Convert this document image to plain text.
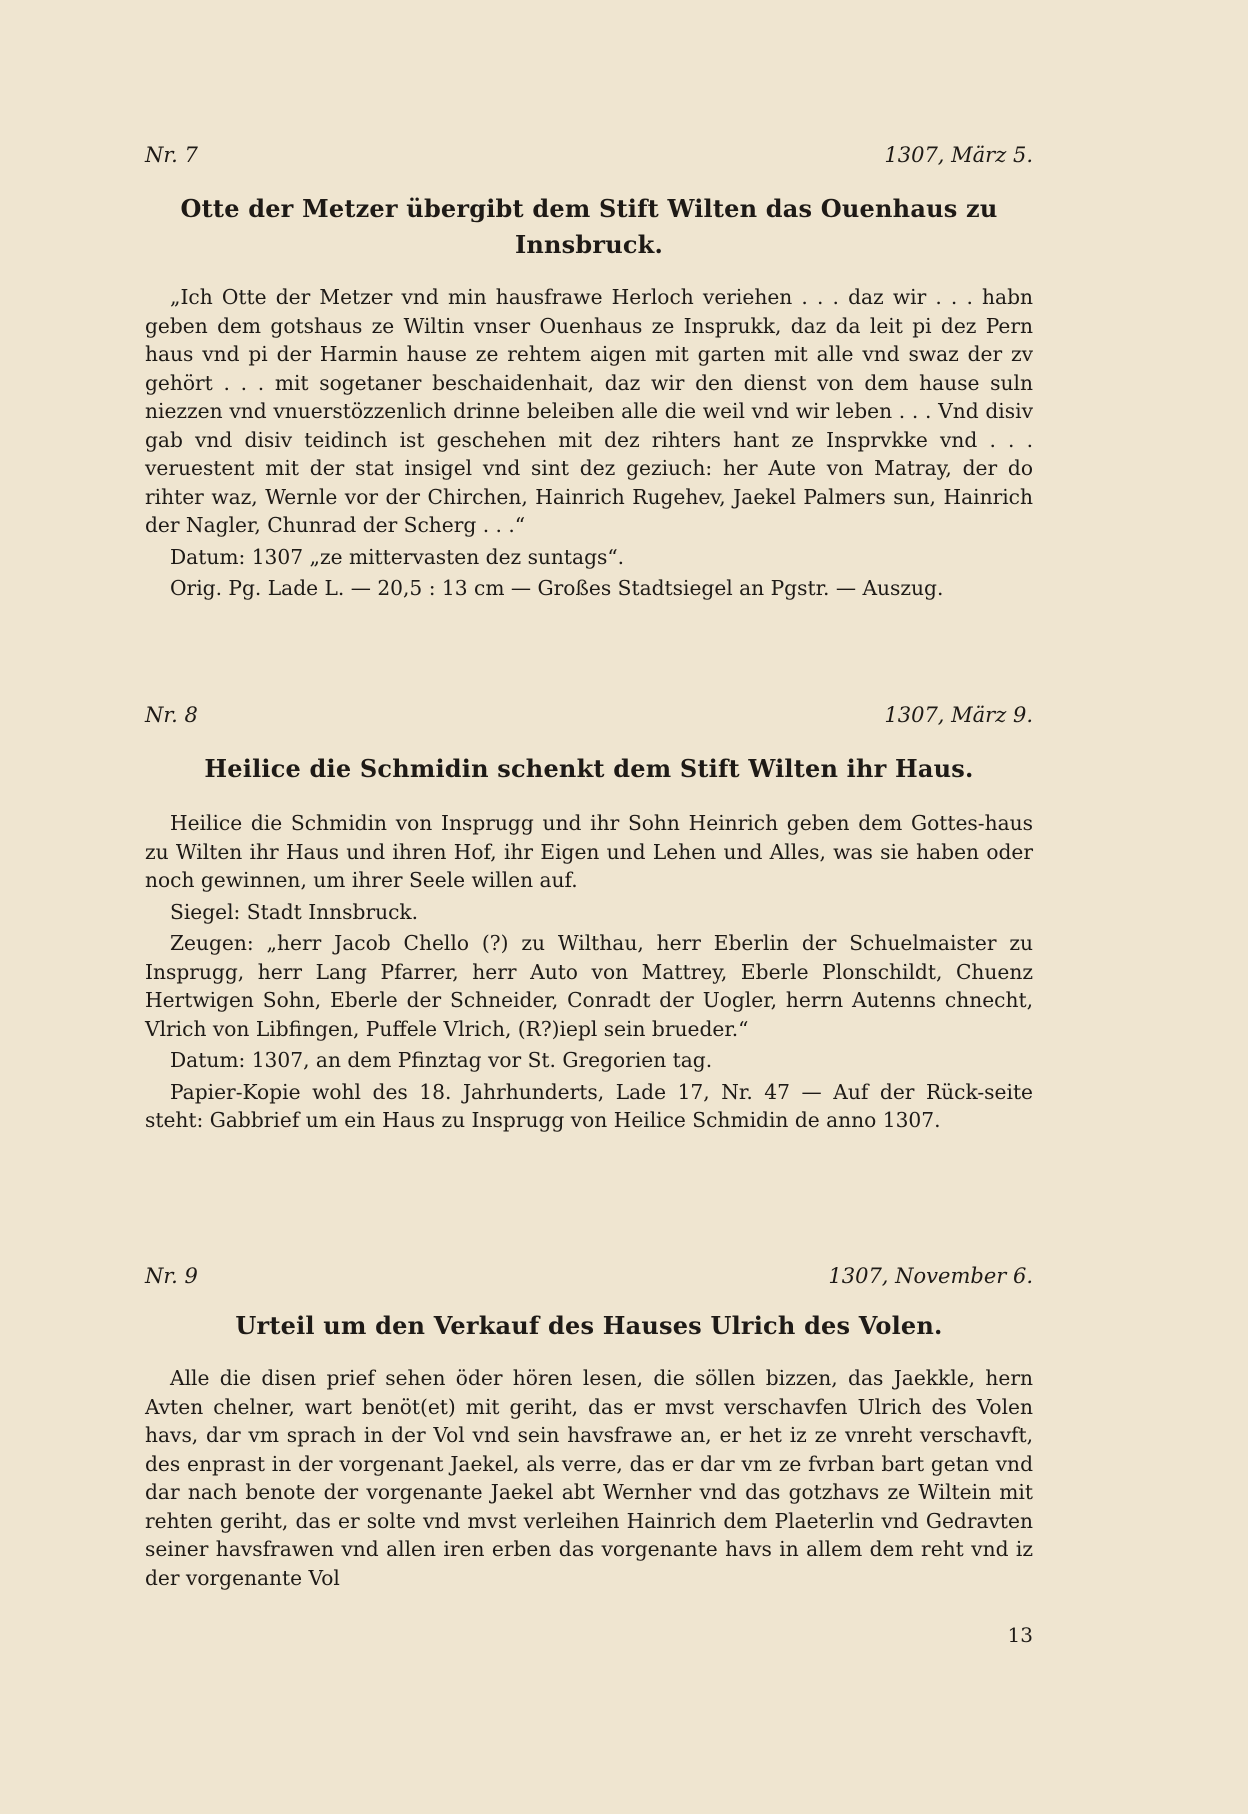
Nr. 7	1307, März 5.
Otte der Metzer übergibt dem Stift Wilten das Ouenhaus zu Innsbruck.

„Ich Otte der Metzer vnd min hausfrawe Herloch veriehen . . . daz wir . . . habn geben dem gotshaus ze Wiltin vnser Ouenhaus ze Insprukk, daz da leit pi dez Pern haus vnd pi der Harmin hause ze rehtem aigen mit garten mit alle vnd swaz der zv gehört . . . mit sogetaner beschaidenhait, daz wir den dienst von dem hause suln niezzen vnd vnuerstözzenlich drinne beleiben alle die weil vnd wir leben . . . Vnd disiv gab vnd disiv teidinch ist geschehen mit dez rihters hant ze Insprvkke vnd . . . veruestent mit der stat insigel vnd sint dez geziuch: her Aute von Matray, der do rihter waz, Wernle vor der Chirchen, Hainrich Rugehev, Jaekel Palmers sun, Hainrich der Nagler, Chunrad der Scherg . . .“

Datum: 1307 „ze mittervasten dez suntags“.

Orig. Pg. Lade L. — 20,5 : 13 cm — Großes Stadtsiegel an Pgstr. — Auszug.

Nr. 8	1307, März 9.
Heilice die Schmidin schenkt dem Stift Wilten ihr Haus.

Heilice die Schmidin von Insprugg und ihr Sohn Heinrich geben dem Gottes-haus zu Wilten ihr Haus und ihren Hof, ihr Eigen und Lehen und Alles, was sie haben oder noch gewinnen, um ihrer Seele willen auf.

Siegel: Stadt Innsbruck.

Zeugen: „herr Jacob Chello (?) zu Wilthau, herr Eberlin der Schuelmaister zu Insprugg, herr Lang Pfarrer, herr Auto von Mattrey, Eberle Plonschildt, Chuenz Hertwigen Sohn, Eberle der Schneider, Conradt der Uogler, herrn Autenns chnecht, Vlrich von Libfingen, Puffele Vlrich, (R?)iepl sein brueder.“

Datum: 1307, an dem Pfinztag vor St. Gregorien tag.

Papier-Kopie wohl des 18. Jahrhunderts, Lade 17, Nr. 47 — Auf der Rück-seite steht: Gabbrief um ein Haus zu Insprugg von Heilice Schmidin de anno 1307.

Nr. 9	1307, November 6.
Urteil um den Verkauf des Hauses Ulrich des Volen.

Alle die disen prief sehen öder hören lesen, die söllen bizzen, das Jaekkle, hern Avten chelner, wart benöt(et) mit geriht, das er mvst verschavfen Ulrich des Volen havs, dar vm sprach in der Vol vnd sein havsfrawe an, er het iz ze vnreht verschavft, des enprast in der vorgenant Jaekel, als verre, das er dar vm ze fvrban bart getan vnd dar nach benote der vorgenante Jaekel abt Wernher vnd das gotzhavs ze Wiltein mit rehten geriht, das er solte vnd mvst verleihen Hainrich dem Plaeterlin vnd Gedravten seiner havsfrawen vnd allen iren erben das vorgenante havs in allem dem reht vnd iz der vorgenante Vol

13
